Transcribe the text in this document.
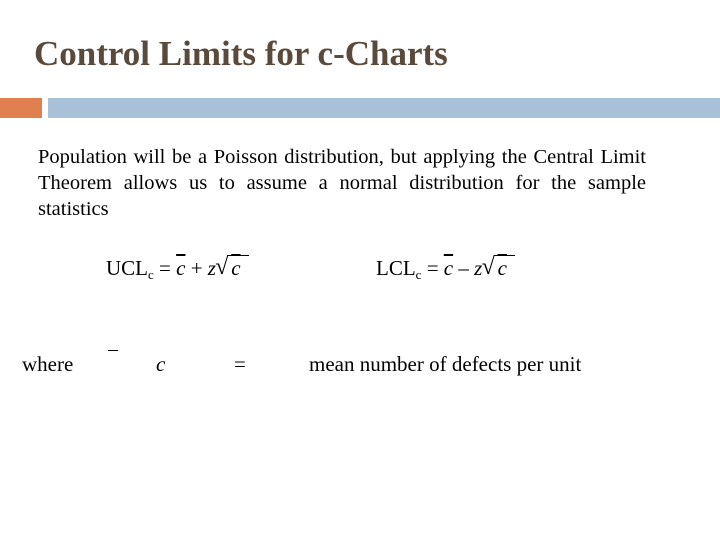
Control Limits for c-Charts
Population will be a Poisson distribution, but applying the Central Limit Theorem allows us to assume a normal distribution for the sample statistics
UCLc = $\overline{c} + z$ √ c	LCLc = $\overline{c}$ – z √ c
where
–
c	=	mean number of defects per unit
